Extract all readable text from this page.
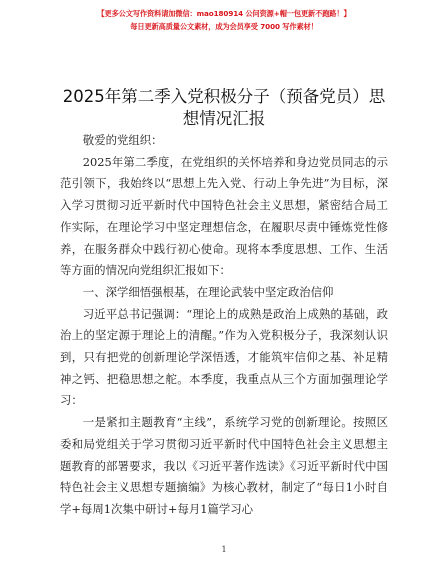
【更多公文写作资料请加微信：mao180914 公问资源+帽一包更新不跑路！】
每日更新高质量公文素材，成为会员享受 7000 写作素材！
2025年第二季入党积极分子（预备党员）思想情况汇报

敬爱的党组织：

2025年第二季度，在党组织的关怀培养和身边党员同志的示范引领下，我始终以“思想上先入党、行动上争先进”为目标，深入学习贯彻习近平新时代中国特色社会主义思想，紧密结合局工作实际，在理论学习中坚定理想信念，在履职尽责中锤炼党性修养，在服务群众中践行初心使命。现将本季度思想、工作、生活等方面的情况向党组织汇报如下：

一、深学细悟强根基，在理论武装中坚定政治信仰

习近平总书记强调：“理论上的成熟是政治上成熟的基础，政治上的坚定源于理论上的清醒。”作为入党积极分子，我深刻认识到，只有把党的创新理论学深悟透，才能筑牢信仰之基、补足精神之钙、把稳思想之舵。本季度，我重点从三个方面加强理论学习：

一是紧扣主题教育“主线”，系统学习党的创新理论。按照区委和局党组关于学习贯彻习近平新时代中国特色社会主义思想主题教育的部署要求，我以《习近平著作选读》《习近平新时代中国特色社会主义思想专题摘编》为核心教材，制定了“每日1小时自学+每周1次集中研讨+每月1篇学习心

1
